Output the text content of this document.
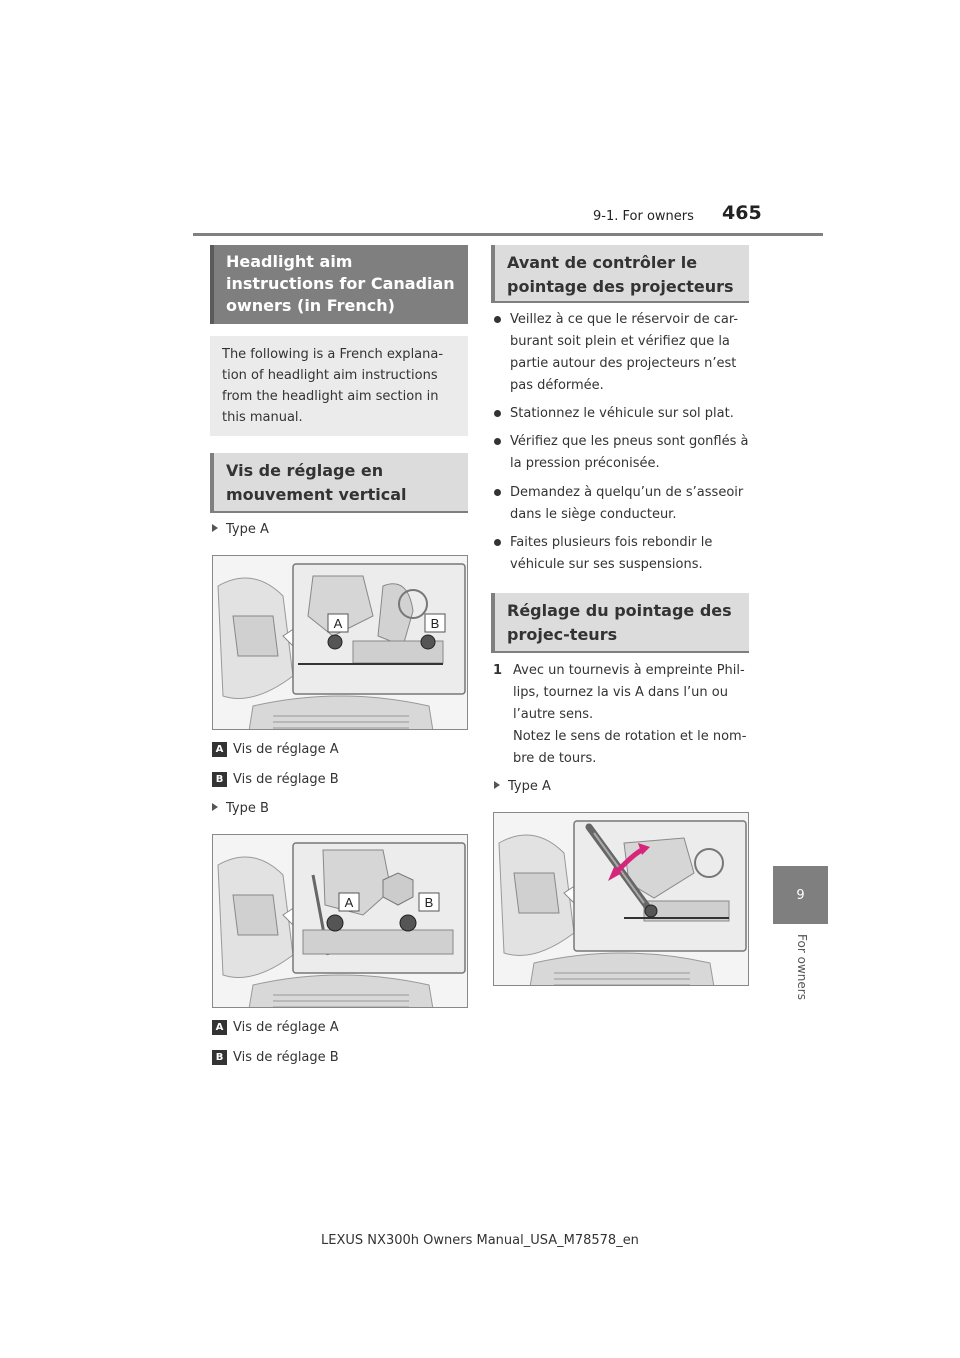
9-1. For owners 465
9
For owners
Headlight aim instructions for Canadian owners (in French)
The following is a French explana-tion of headlight aim instructions from the headlight aim section in this manual.
Vis de réglage en mouvement vertical
Type A
A	B
A Vis de réglage A
B Vis de réglage B
Type B
A	B
A Vis de réglage A
B Vis de réglage B
Avant de contrôler le pointage des projecteurs
Veillez à ce que le réservoir de car-burant soit plein et vérifiez que la partie autour des projecteurs n’est pas déformée.
Stationnez le véhicule sur sol plat.
Vérifiez que les pneus sont gonflés à la pression préconisée.
Demandez à quelqu’un de s’asseoir dans le siège conducteur.
Faites plusieurs fois rebondir le véhicule sur ses suspensions.
Réglage du pointage des projec-teurs
1 Avec un tournevis à empreinte Phil-lips, tournez la vis A dans l’un ou l’autre sens.

Notez le sens de rotation et le nom-bre de tours.

Type A
LEXUS NX300h Owners Manual_USA_M78578_en
